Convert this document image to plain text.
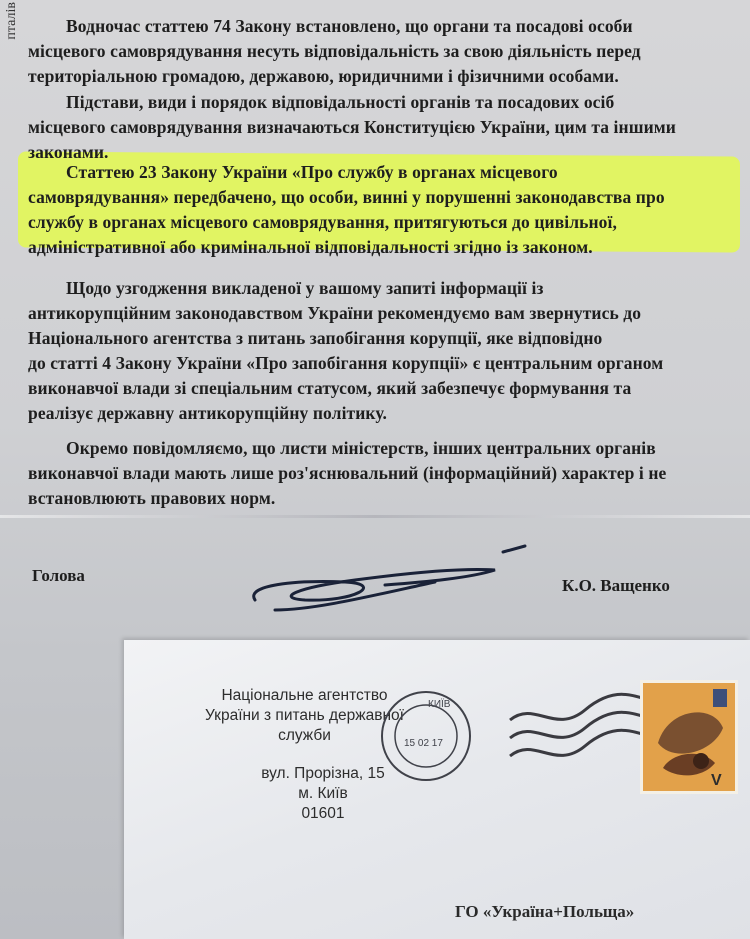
пталів	Водночас статтею 74 Закону встановлено, що органи та посадові особи
місцевого самоврядування несуть відповідальність за свою діяльність перед
територіальною громадою, державою, юридичними і фізичними особами.
Підстави, види і порядок відповідальності органів та посадових осіб
місцевого самоврядування визначаються Конституцією України, цим та іншими
законами.
Статтею 23 Закону України «Про службу в органах місцевого
самоврядування» передбачено, що особи, винні у порушенні законодавства про
службу в органах місцевого самоврядування, притягуються до цивільної,
адміністративної або кримінальної відповідальності згідно із законом.
Щодо узгодження викладеної у вашому запиті інформації із
антикорупційним законодавством України рекомендуємо вам звернутись до
Національного агентства з питань запобігання корупції, яке відповідно
до статті 4 Закону України «Про запобігання корупції» є центральним органом
виконавчої влади зі спеціальним статусом, який забезпечує формування та
реалізує державну антикорупційну політику.
Окремо повідомляємо, що листи міністерств, інших центральних органів
виконавчої влади мають лише роз'яснювальний (інформаційний) характер і не
встановлюють правових норм.
Голова
К.О. Ващенко
Національне агентство
України з питань державної
служби
вул. Прорізна, 15
м. Київ
01601
КИЇВ
15 02 17
V
ГО «Україна+Польща»
